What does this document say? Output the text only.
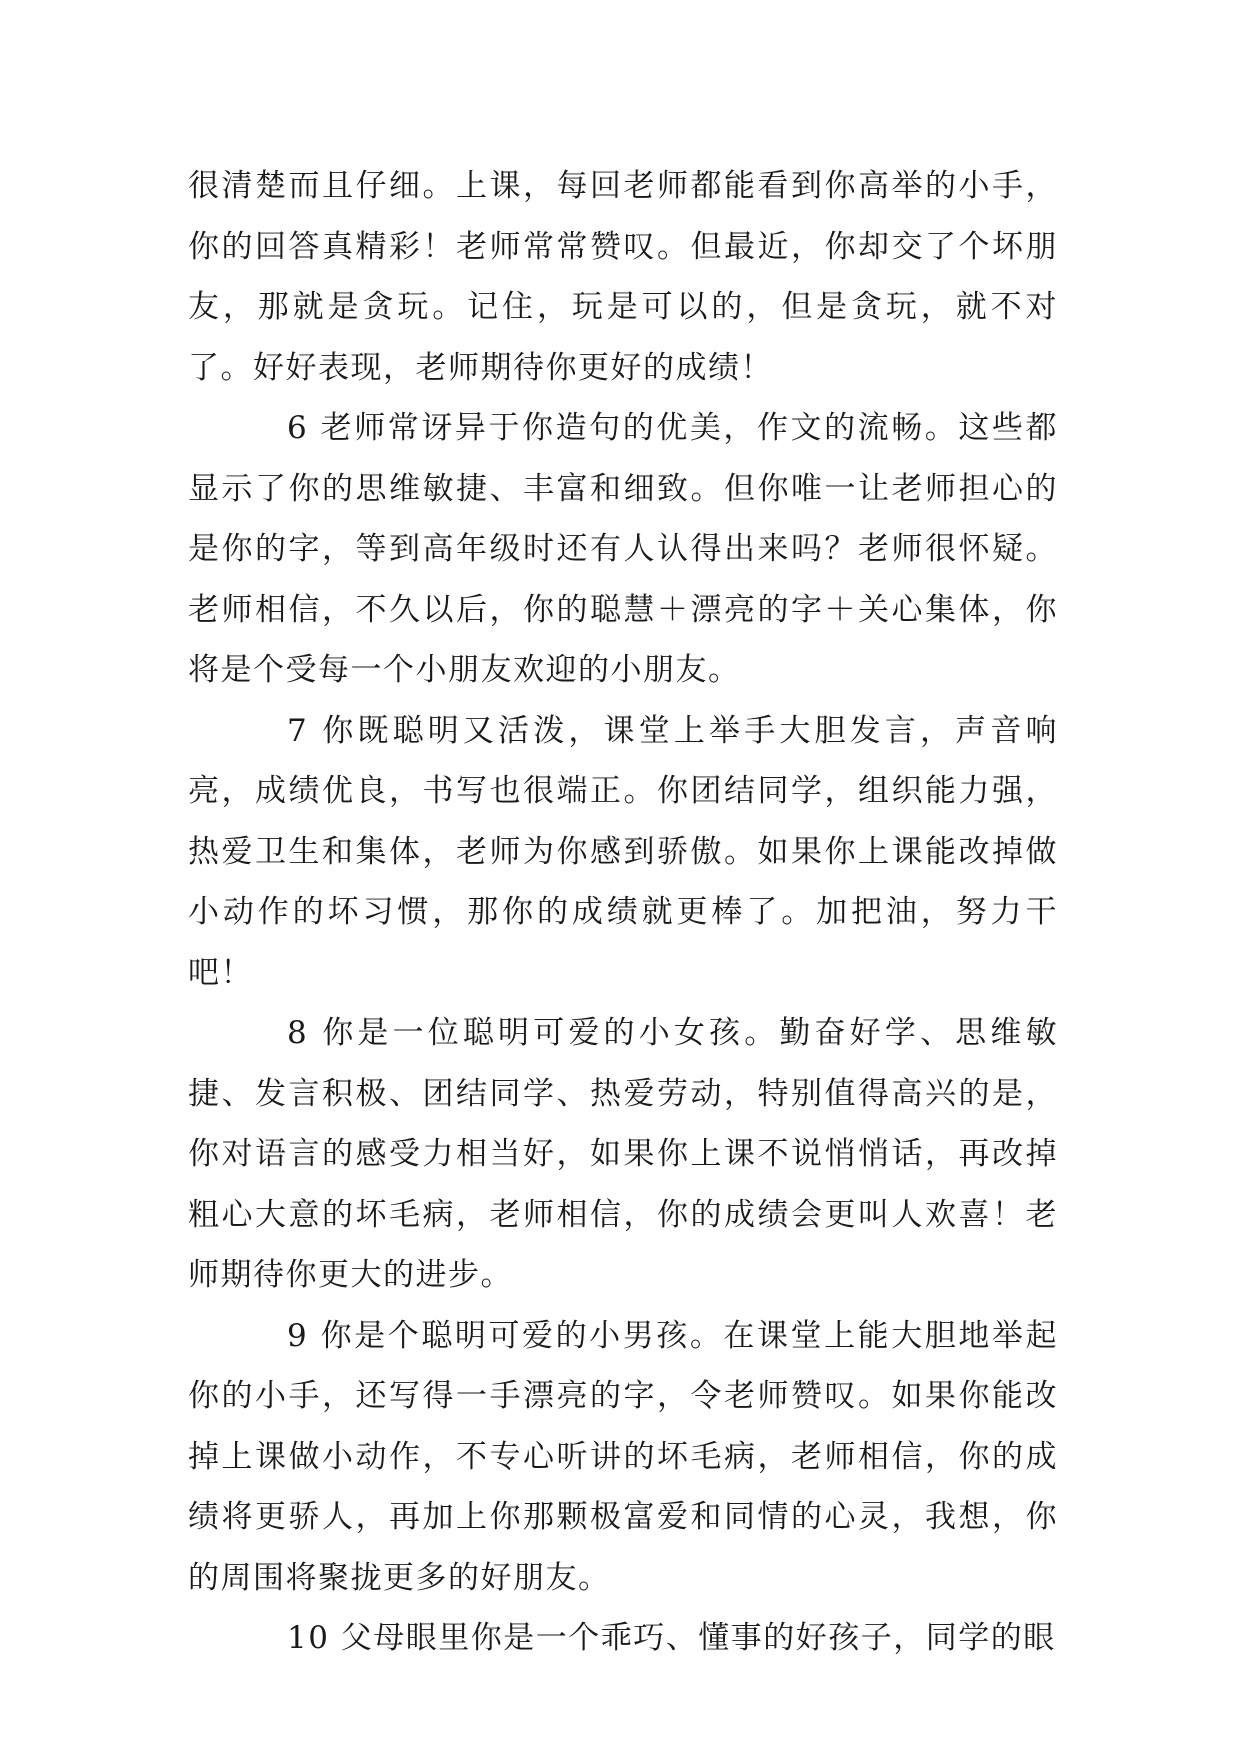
很清楚而且仔细。上课，每回老师都能看到你高举的小手，你的回答真精彩！老师常常赞叹。但最近，你却交了个坏朋友，那就是贪玩。记住，玩是可以的，但是贪玩，就不对了。好好表现，老师期待你更好的成绩！

6 老师常讶异于你造句的优美，作文的流畅。这些都显示了你的思维敏捷、丰富和细致。但你唯一让老师担心的是你的字，等到高年级时还有人认得出来吗？老师很怀疑。老师相信，不久以后，你的聪慧＋漂亮的字＋关心集体，你将是个受每一个小朋友欢迎的小朋友。

7 你既聪明又活泼，课堂上举手大胆发言，声音响亮，成绩优良，书写也很端正。你团结同学，组织能力强，热爱卫生和集体，老师为你感到骄傲。如果你上课能改掉做小动作的坏习惯，那你的成绩就更棒了。加把油，努力干吧！

8 你是一位聪明可爱的小女孩。勤奋好学、思维敏捷、发言积极、团结同学、热爱劳动，特别值得高兴的是，你对语言的感受力相当好，如果你上课不说悄悄话，再改掉粗心大意的坏毛病，老师相信，你的成绩会更叫人欢喜！老师期待你更大的进步。

9 你是个聪明可爱的小男孩。在课堂上能大胆地举起你的小手，还写得一手漂亮的字，令老师赞叹。如果你能改掉上课做小动作，不专心听讲的坏毛病，老师相信，你的成绩将更骄人，再加上你那颗极富爱和同情的心灵，我想，你的周围将聚拢更多的好朋友。

10 父母眼里你是一个乖巧、懂事的好孩子，同学的眼
